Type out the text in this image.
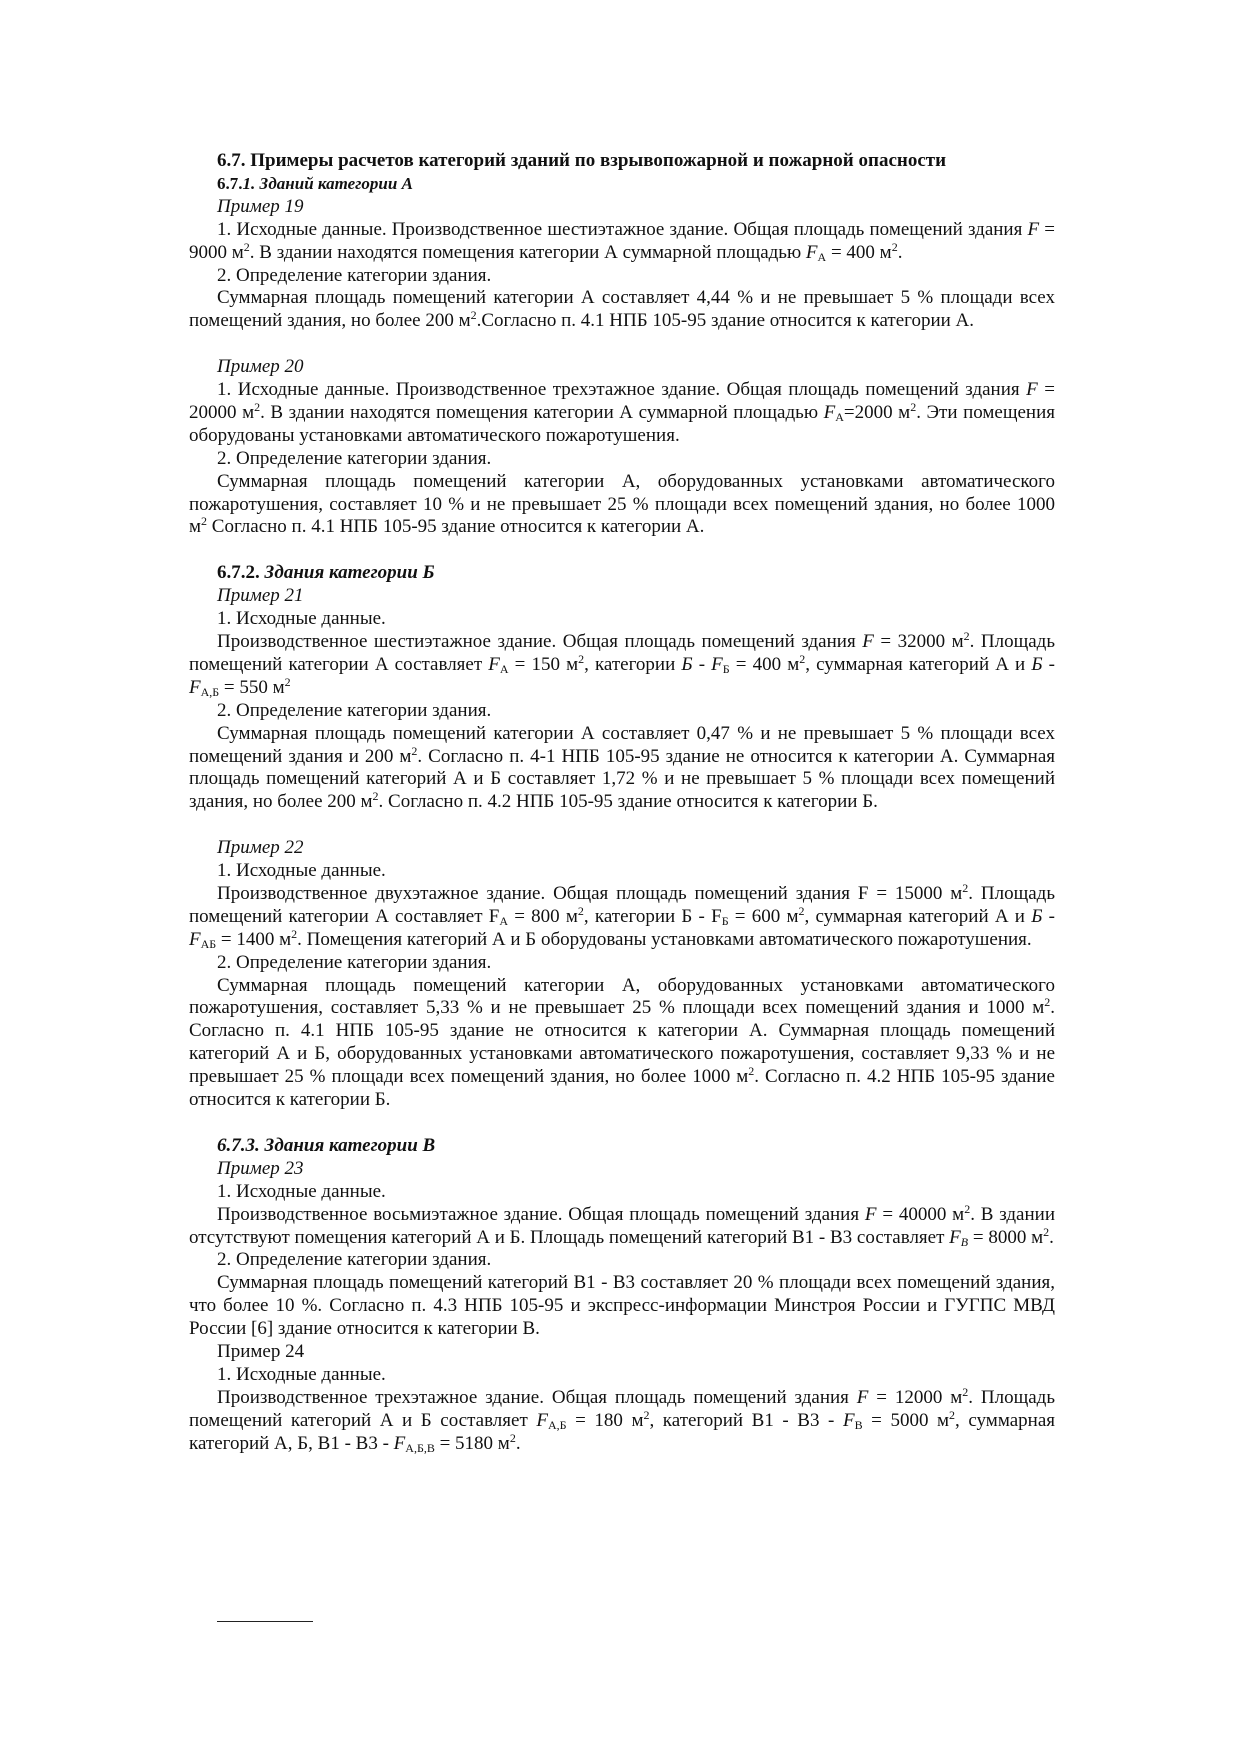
6.7. Примеры расчетов категорий зданий по взрывопожарной и пожарной опасности

6.7.1. Зданий категории А

Пример 19

1. Исходные данные. Производственное шестиэтажное здание. Общая площадь помещений здания F = 9000 $м^2$. В здании находятся помещения категории А суммарной площадью $F_А = 400$ $м^2$.

2. Определение категории здания.

Суммарная площадь помещений категории А составляет 4,44 % и не превышает 5 % площади всех помещений здания, но более 200 $м^2.Согласно$ п. 4.1 НПБ 105-95 здание относится к категории А.

Пример 20

1. Исходные данные. Производственное трехэтажное здание. Общая площадь помещений здания F = 20000 $м^2$. В здании находятся помещения категории А суммарной площадью $F_А=2000$ $м^2$. Эти помещения оборудованы установками автоматического пожаротушения.

2. Определение категории здания.

Суммарная площадь помещений категории А, оборудованных установками автоматического пожаротушения, составляет 10 % и не превышает 25 % площади всех помещений здания, но более 1000 $м^2$ Согласно п. 4.1 НПБ 105-95 здание относится к категории А.

6.7.2. Здания категории Б

Пример 21

1. Исходные данные.

Производственное шестиэтажное здание. Общая площадь помещений здания F = 32000 $м^2$. Площадь помещений категории А составляет $F_А = 150$ $м^2$, категории $Б - F_Б = 400$ $м^2$, суммарная категорий А и $Б - F_{А,Б} = 550$ $м^2$

2. Определение категории здания.

Суммарная площадь помещений категории А составляет 0,47 % и не превышает 5 % площади всех помещений здания и 200 $м^2$. Согласно п. 4-1 НПБ 105-95 здание не относится к категории А. Суммарная площадь помещений категорий А и Б составляет 1,72 % и не превышает 5 % площади всех помещений здания, но более 200 $м^2$. Согласно п. 4.2 НПБ 105-95 здание относится к категории Б.

Пример 22

1. Исходные данные.

Производственное двухэтажное здание. Общая площадь помещений здания F = 15000 $м^2$. Площадь помещений категории А составляет $F_А = 800$ $м^2$, категории $Б - F_Б = 600$ $м^2$, суммарная категорий А и $Б - F_{АБ} = 1400$ $м^2$. Помещения категорий А и Б оборудованы установками автоматического пожаротушения.

2. Определение категории здания.

Суммарная площадь помещений категории А, оборудованных установками автоматического пожаротушения, составляет 5,33 % и не превышает 25 % площади всех помещений здания и 1000 $м^2$. Согласно п. 4.1 НПБ 105-95 здание не относится к категории А. Суммарная площадь помещений категорий А и Б, оборудованных установками автоматического пожаротушения, составляет 9,33 % и не превышает 25 % площади всех помещений здания, но более 1000 $м^2$. Согласно п. 4.2 НПБ 105-95 здание относится к категории Б.

6.7.3. Здания категории В

Пример 23

1. Исходные данные.

Производственное восьмиэтажное здание. Общая площадь помещений здания F = 40000 $м^2$. В здании отсутствуют помещения категорий А и Б. Площадь помещений категорий В1 - В3 составляет $F_В = 8000$ $м^2$.

2. Определение категории здания.

Суммарная площадь помещений категорий В1 - В3 составляет 20 % площади всех помещений здания, что более 10 %. Согласно п. 4.3 НПБ 105-95 и экспресс-информации Минстроя России и ГУГПС МВД России [6] здание относится к категории В.

Пример 24

1. Исходные данные.

Производственное трехэтажное здание. Общая площадь помещений здания F = 12000 $м^2$. Площадь помещений категорий А и Б составляет $F_{А,Б} = 180$ $м^2$, категорий $В1 - В3 - F_В = 5000$ $м^2$, суммарная категорий А, Б, $В1 - В3 - F_{А,Б,В} = 5180$ $м^2$.
